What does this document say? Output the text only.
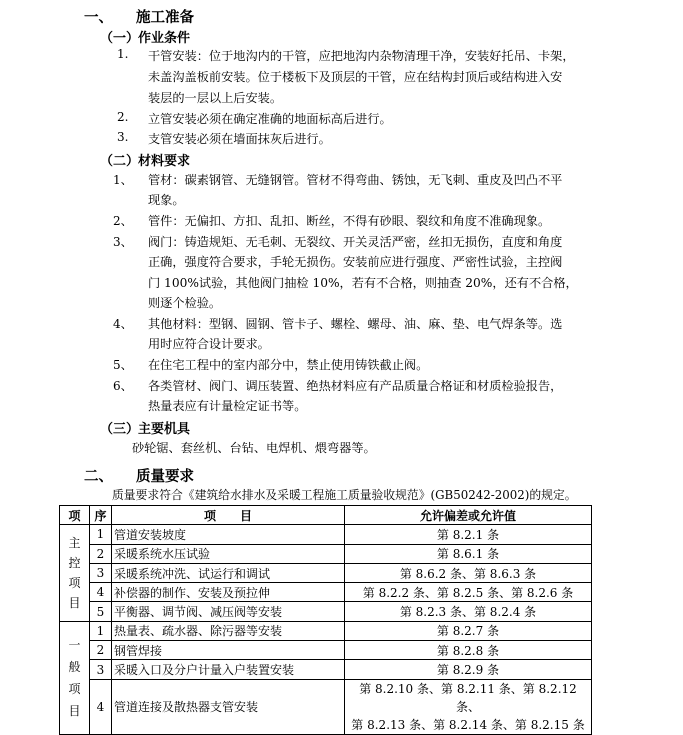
一、 施工准备
（一）
作业条件
1. 干管安装：位于地沟内的干管，应把地沟内杂物清理干净，安装好托吊、卡架，
未盖沟盖板前安装。位于楼板下及顶层的干管，应在结构封顶后或结构进入安
装层的一层以上后安装。
2. 立管安装必须在确定准确的地面标高后进行。
3. 支管安装必须在墙面抹灰后进行。
（二）
材料要求
1、 管材：碳素钢管、无缝钢管。管材不得弯曲、锈蚀，无飞刺、重皮及凹凸不平
现象。
2、 管件：无偏扣、方扣、乱扣、断丝，不得有砂眼、裂纹和角度不准确现象。
3、 阀门：铸造规矩、无毛刺、无裂纹、开关灵活严密，丝扣无损伤，直度和角度
正确，强度符合要求，手轮无损伤。安装前应进行强度、严密性试验，主控阀
门 100%试验，其他阀门抽检 10%，若有不合格，则抽查 20%，还有不合格，
则逐个检验。
4、 其他材料：型钢、圆钢、管卡子、螺栓、螺母、油、麻、垫、电气焊条等。选
用时应符合设计要求。
5、 在住宅工程中的室内部分中，禁止使用铸铁截止阀。
6、 各类管材、阀门、调压装置、绝热材料应有产品质量合格证和材质检验报告，
热量表应有计量检定证书等。
（三）
主要机具
砂轮锯、套丝机、台钻、电焊机、煨弯器等。
二、 质量要求
质量要求符合《建筑给水排水及采暖工程施工质量验收规范》(GB50242-2002)的规定。
项	序	项　　目	允许偏差或允许值

主控项目	1	管道安装坡度	第 8.2.1 条
	2	采暖系统水压试验	第 8.6.1 条
	3	采暖系统冲洗、试运行和调试	第 8.6.2 条、第 8.6.3 条
	4	补偿器的制作、安装及预拉伸	第 8.2.2 条、第 8.2.5 条、第 8.2.6 条
	5	平衡器、调节阀、减压阀等安装	第 8.2.3 条、第 8.2.4 条

一般项目	1	热量表、疏水器、除污器等安装	第 8.2.7 条
	2	钢管焊接	第 8.2.8 条
	3	采暖入口及分户计量入户装置安装	第 8.2.9 条
	4	管道连接及散热器支管安装	第 8.2.10 条、第 8.2.11 条、第 8.2.12 条、
第 8.2.13 条、第 8.2.14 条、第 8.2.15 条
